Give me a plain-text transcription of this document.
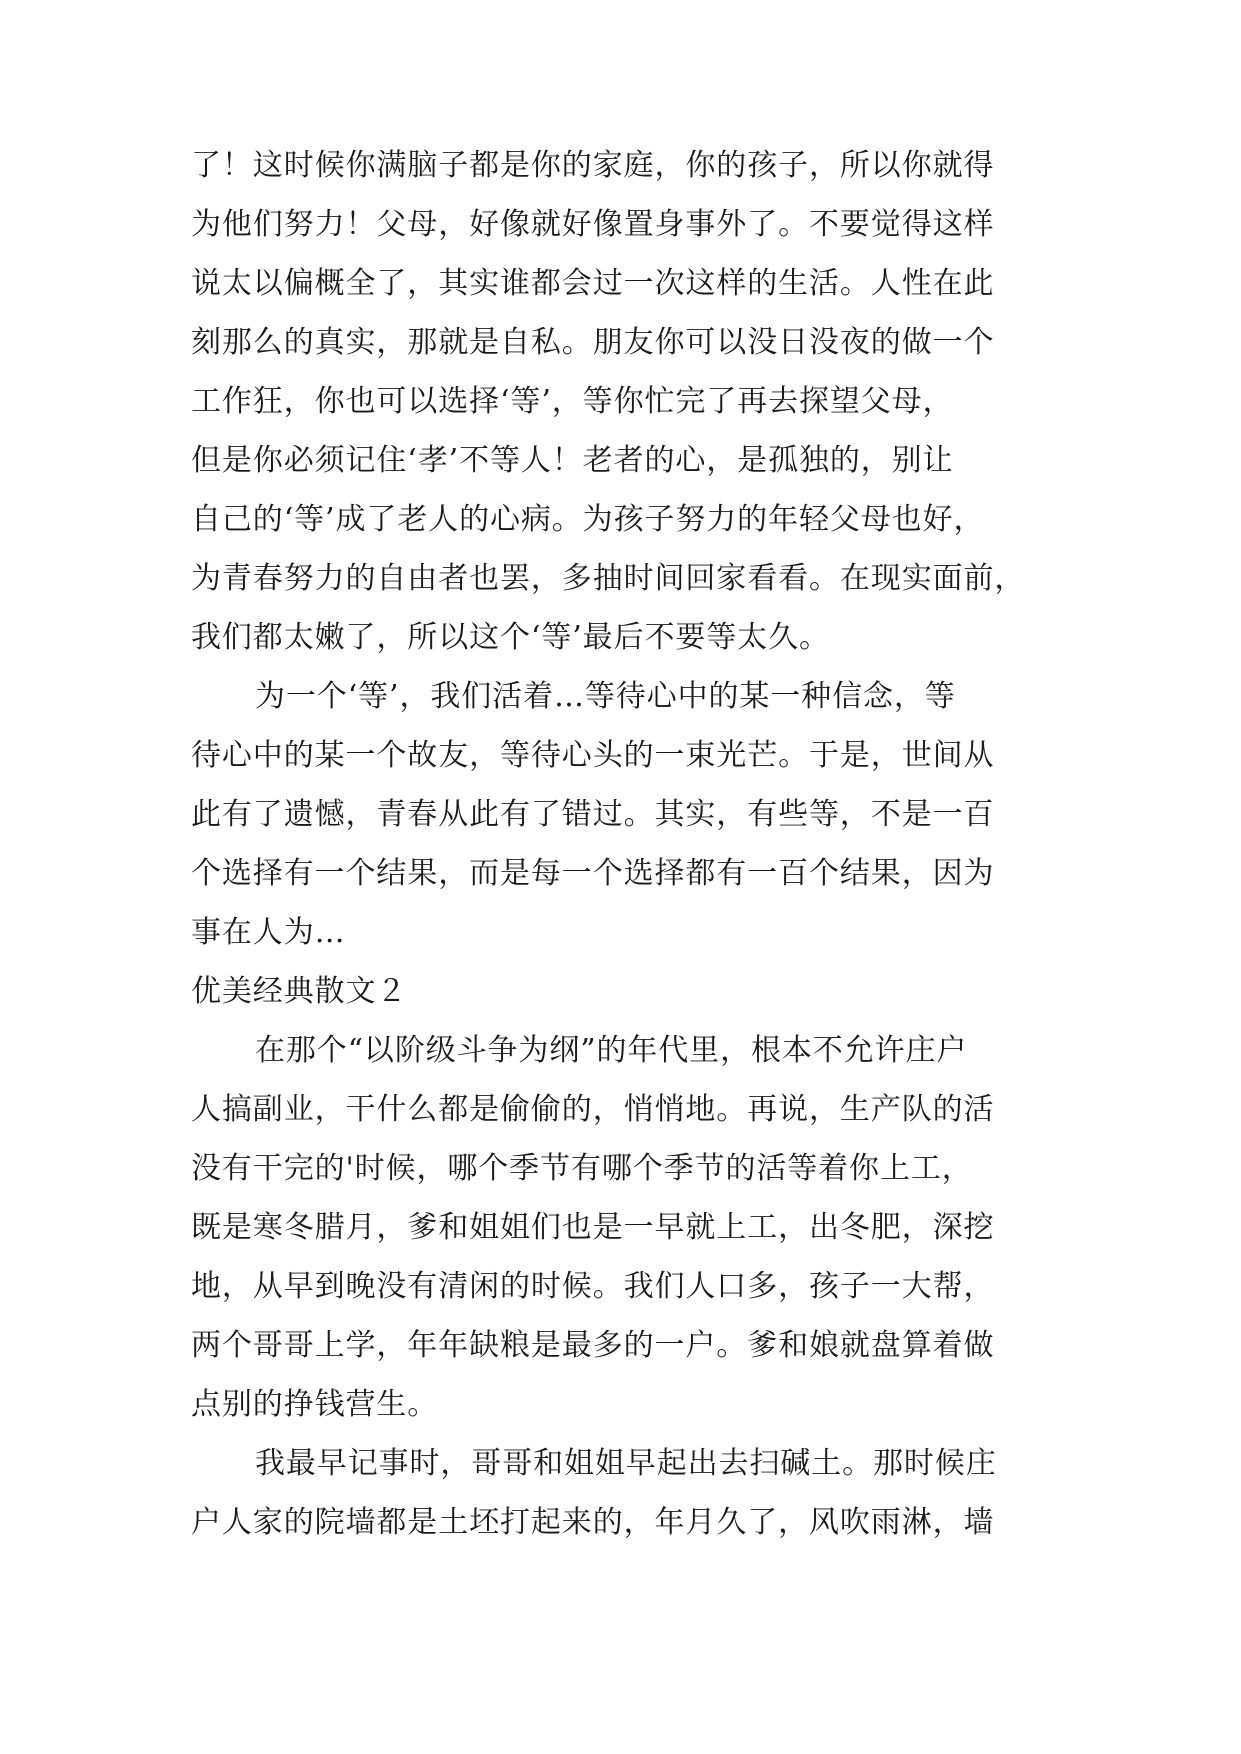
了！这时候你满脑子都是你的家庭，你的孩子，所以你就得
为他们努力！父母，好像就好像置身事外了。不要觉得这样
说太以偏概全了，其实谁都会过一次这样的生活。人性在此
刻那么的真实，那就是自私。朋友你可以没日没夜的做一个
工作狂，你也可以选择‘等’，等你忙完了再去探望父母，
但是你必须记住‘孝’不等人！老者的心，是孤独的，别让
自己的‘等’成了老人的心病。为孩子努力的年轻父母也好，
为青春努力的自由者也罢，多抽时间回家看看。在现实面前，
我们都太嫩了，所以这个‘等’最后不要等太久。
为一个‘等’，我们活着…等待心中的某一种信念，等
待心中的某一个故友，等待心头的一束光芒。于是，世间从
此有了遗憾，青春从此有了错过。其实，有些等，不是一百
个选择有一个结果，而是每一个选择都有一百个结果，因为
事在人为…
优美经典散文２
在那个“以阶级斗争为纲”的年代里，根本不允许庄户
人搞副业，干什么都是偷偷的，悄悄地。再说，生产队的活
没有干完的'时候，哪个季节有哪个季节的活等着你上工，
既是寒冬腊月，爹和姐姐们也是一早就上工，出冬肥，深挖
地，从早到晚没有清闲的时候。我们人口多，孩子一大帮，
两个哥哥上学，年年缺粮是最多的一户。爹和娘就盘算着做
点别的挣钱营生。
我最早记事时，哥哥和姐姐早起出去扫碱土。那时候庄
户人家的院墙都是土坯打起来的，年月久了，风吹雨淋，墙
